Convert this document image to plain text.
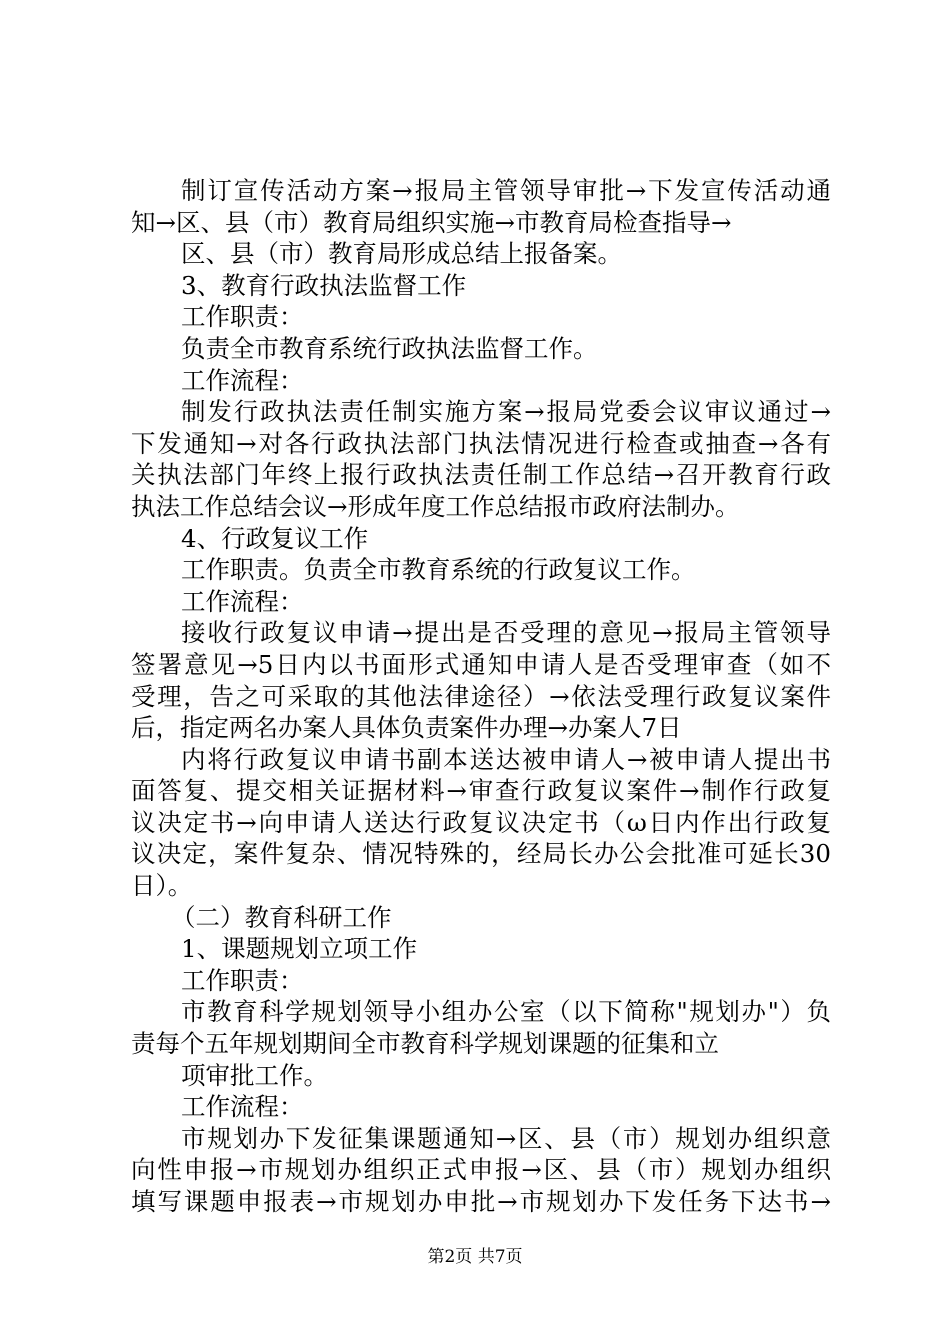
制订宣传活动方案→报局主管领导审批→下发宣传活动通
知→区、县（市）教育局组织实施→市教育局检查指导→
区、县（市）教育局形成总结上报备案。
3、教育行政执法监督工作
工作职责：
负责全市教育系统行政执法监督工作。
工作流程：
制发行政执法责任制实施方案→报局党委会议审议通过→
下发通知→对各行政执法部门执法情况进行检查或抽查→各有
关执法部门年终上报行政执法责任制工作总结→召开教育行政
执法工作总结会议→形成年度工作总结报市政府法制办。
4、行政复议工作
工作职责。负责全市教育系统的行政复议工作。
工作流程：
接收行政复议申请→提出是否受理的意见→报局主管领导
签署意见→5日内以书面形式通知申请人是否受理审查（如不
受理，告之可采取的其他法律途径）→依法受理行政复议案件
后，指定两名办案人具体负责案件办理→办案人7日
内将行政复议申请书副本送达被申请人→被申请人提出书
面答复、提交相关证据材料→审查行政复议案件→制作行政复
议决定书→向申请人送达行政复议决定书（ω日内作出行政复
议决定，案件复杂、情况特殊的，经局长办公会批准可延长30
日）。
（二）教育科研工作
1、课题规划立项工作
工作职责：
市教育科学规划领导小组办公室（以下简称"规划办"）负
责每个五年规划期间全市教育科学规划课题的征集和立
项审批工作。
工作流程：
市规划办下发征集课题通知→区、县（市）规划办组织意
向性申报→市规划办组织正式申报→区、县（市）规划办组织
填写课题申报表→市规划办申批→市规划办下发任务下达书→
第2页 共7页
